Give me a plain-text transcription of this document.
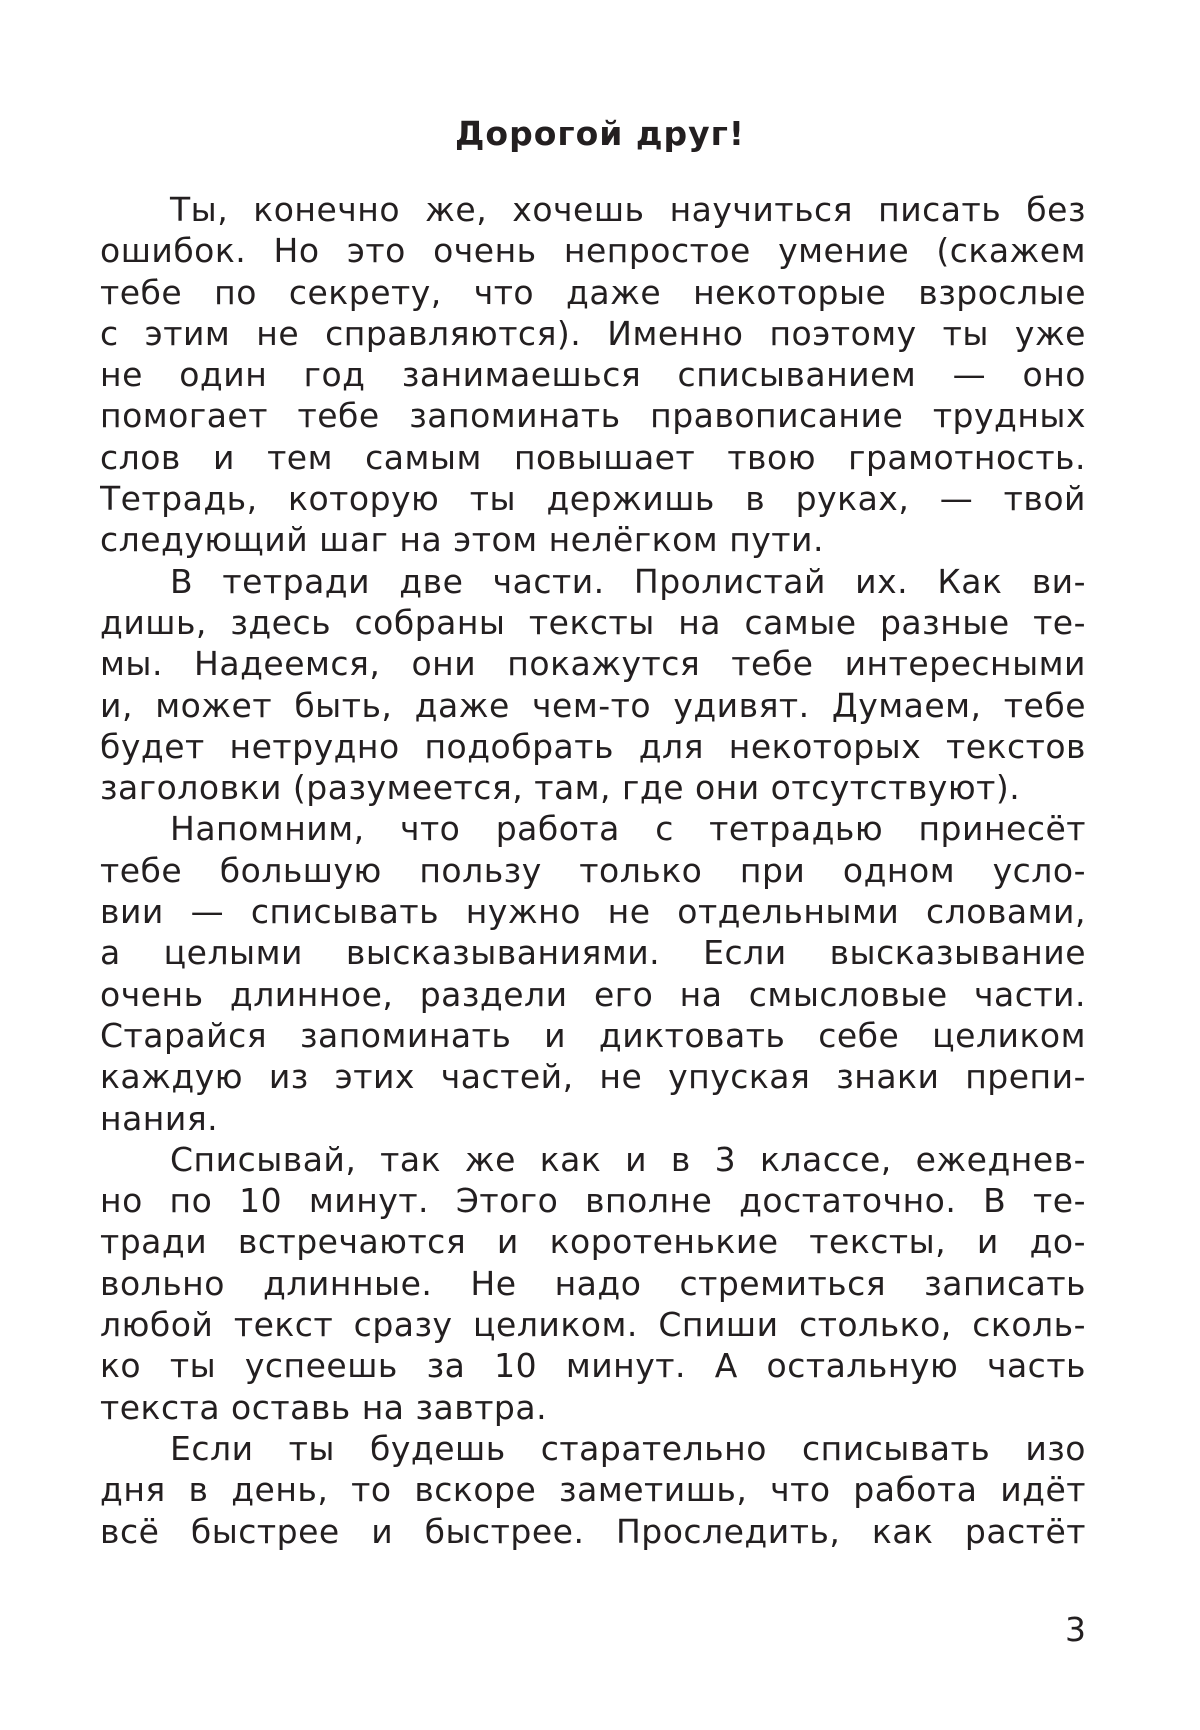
Дорогой друг!
Ты, конечно же, хочешь научиться писать без
ошибок. Но это очень непростое умение (скажем
тебе по секрету, что даже некоторые взрослые
с этим не справляются). Именно поэтому ты уже
не один год занимаешься списыванием — оно
помогает тебе запоминать правописание трудных
слов и тем самым повышает твою грамотность.
Тетрадь, которую ты держишь в руках, — твой
следующий шаг на этом нелёгком пути.
В тетради две части. Пролистай их. Как ви-
дишь, здесь собраны тексты на самые разные те-
мы. Надеемся, они покажутся тебе интересными
и, может быть, даже чем-то удивят. Думаем, тебе
будет нетрудно подобрать для некоторых текстов
заголовки (разумеется, там, где они отсутствуют).
Напомним, что работа с тетрадью принесёт
тебе большую пользу только при одном усло-
вии — списывать нужно не отдельными словами,
а целыми высказываниями. Если высказывание
очень длинное, раздели его на смысловые части.
Старайся запоминать и диктовать себе целиком
каждую из этих частей, не упуская знаки препи-
нания.
Списывай, так же как и в 3 классе, ежеднев-
но по 10 минут. Этого вполне достаточно. В те-
тради встречаются и коротенькие тексты, и до-
вольно длинные. Не надо стремиться записать
любой текст сразу целиком. Спиши столько, сколь-
ко ты успеешь за 10 минут. А остальную часть
текста оставь на завтра.
Если ты будешь старательно списывать изо
дня в день, то вскоре заметишь, что работа идёт
всё быстрее и быстрее. Проследить, как растёт
3
